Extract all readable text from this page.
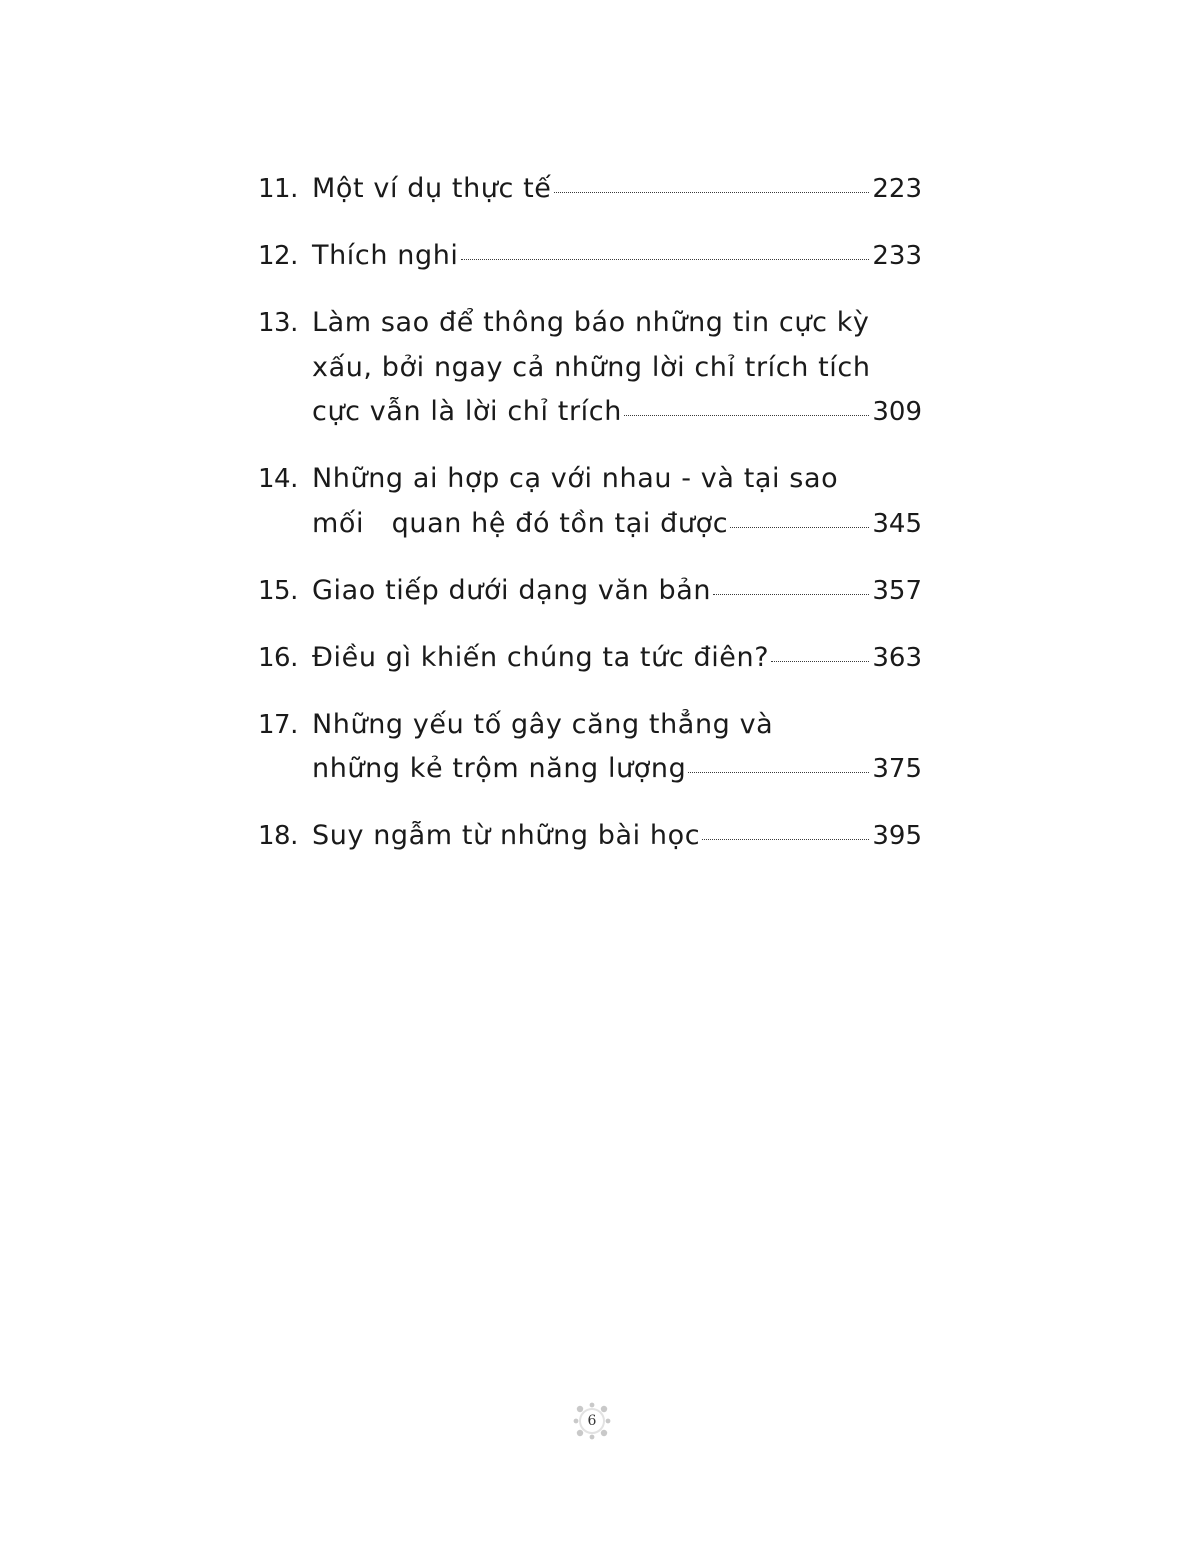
11. Một ví dụ thực tế	223
12. Thích nghi	233
13. Làm sao để thông báo những tin cực kỳ
xấu, bởi ngay cả những lời chỉ trích tích
cực vẫn là lời chỉ trích	309
14. Những ai hợp cạ với nhau - và tại sao
mối   quan hệ đó tồn tại được	345
15. Giao tiếp dưới dạng văn bản	357
16. Điều gì khiến chúng ta tức điên?	363
17. Những yếu tố gây căng thẳng và
những kẻ trộm năng lượng	375
18. Suy ngẫm từ những bài học	395
6
